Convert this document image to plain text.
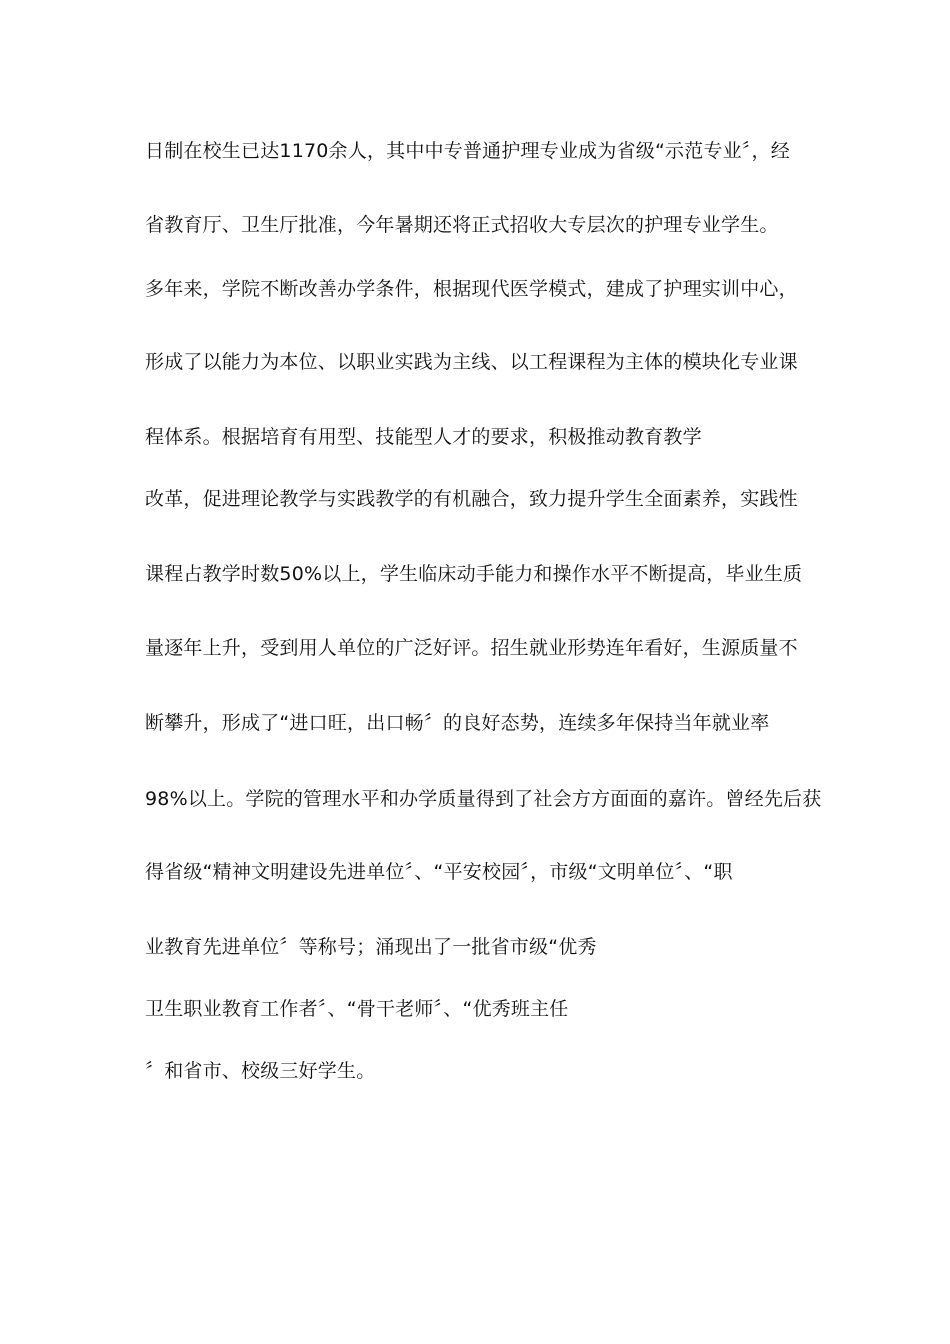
日制在校生已达1170余人，其中中专普通护理专业成为省级“示范专业〞，经
省教育厅、卫生厅批准，今年暑期还将正式招收大专层次的护理专业学生。
多年来，学院不断改善办学条件，根据现代医学模式，建成了护理实训中心，
形成了以能力为本位、以职业实践为主线、以工程课程为主体的模块化专业课
程体系。根据培育有用型、技能型人才的要求，积极推动教育教学
改革，促进理论教学与实践教学的有机融合，致力提升学生全面素养，实践性
课程占教学时数50%以上，学生临床动手能力和操作水平不断提高，毕业生质
量逐年上升，受到用人单位的广泛好评。招生就业形势连年看好，生源质量不
断攀升，形成了“进口旺，出口畅〞的良好态势，连续多年保持当年就业率
98%以上。学院的管理水平和办学质量得到了社会方方面面的嘉许。曾经先后获
得省级“精神文明建设先进单位〞、“平安校园〞，市级“文明单位〞、“职
业教育先进单位〞等称号；涌现出了一批省市级“优秀
卫生职业教育工作者〞、“骨干老师〞、“优秀班主任
〞和省市、校级三好学生。
